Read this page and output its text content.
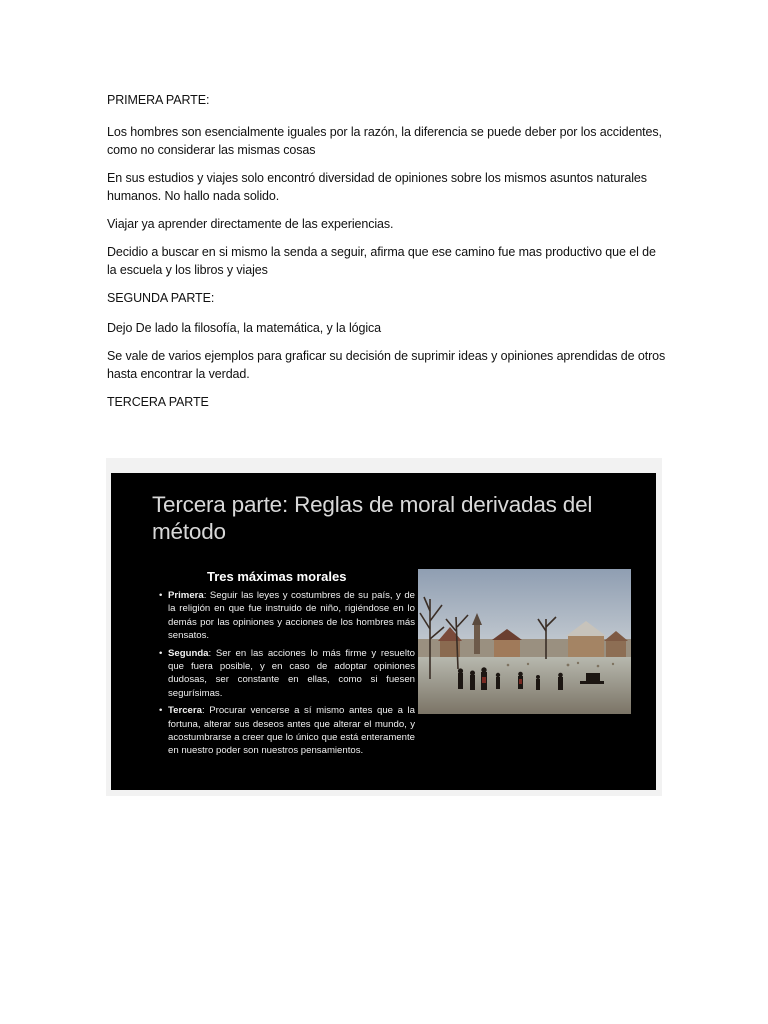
PRIMERA PARTE:

Los hombres son esencialmente iguales por la razón, la diferencia se puede deber por los accidentes, como no considerar las mismas cosas

En sus estudios y viajes solo encontró diversidad de opiniones sobre los mismos asuntos naturales humanos. No hallo nada solido.

Viajar ya aprender directamente de las experiencias.

Decidio a buscar en si mismo la senda a seguir, afirma que ese camino fue mas productivo que el de la escuela y los libros y viajes

SEGUNDA PARTE:

Dejo De lado la filosofía, la matemática, y la lógica

Se vale de varios ejemplos para graficar su decisión de suprimir ideas y opiniones aprendidas de otros hasta encontrar la verdad.

TERCERA PARTE

Tercera parte: Reglas de moral derivadas del método
Tres máximas morales
• Primera: Seguir las leyes y costumbres de su país, y de la religión en que fue instruido de niño, rigiéndose en lo demás por las opiniones y acciones de los hombres más sensatos.
• Segunda: Ser en las acciones lo más firme y resuelto que fuera posible, y en caso de adoptar opiniones dudosas, ser constante en ellas, como si fuesen segurísimas.
• Tercera: Procurar vencerse a sí mismo antes que a la fortuna, alterar sus deseos antes que alterar el mundo, y acostumbrarse a creer que lo único que está enteramente en nuestro poder son nuestros pensamientos.
